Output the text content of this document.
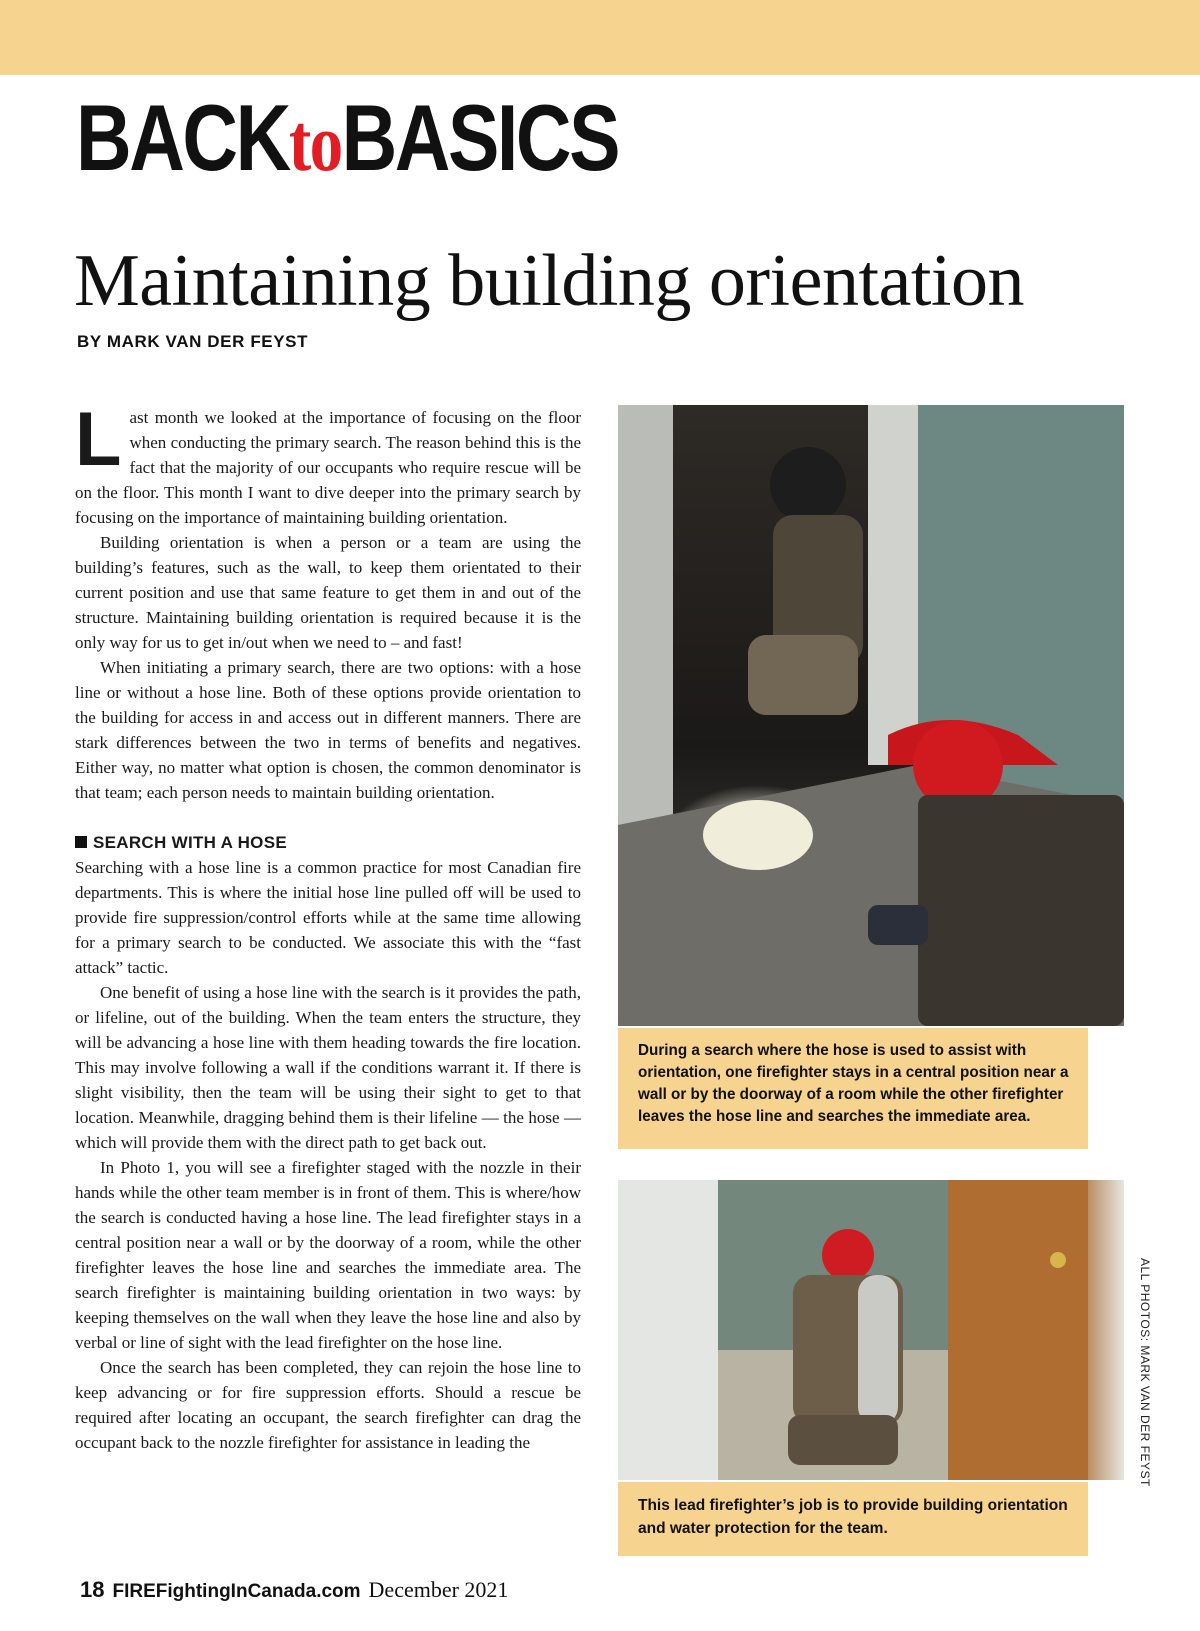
BACKtoBASICS
Maintaining building orientation
BY MARK VAN DER FEYST

Last month we looked at the importance of focusing on the floor when conducting the primary search. The reason behind this is the fact that the majority of our occupants who require rescue will be on the floor. This month I want to dive deeper into the primary search by focusing on the importance of maintaining building orientation.

Building orientation is when a person or a team are using the building’s features, such as the wall, to keep them orientated to their current position and use that same feature to get them in and out of the structure. Maintaining building orientation is required because it is the only way for us to get in/out when we need to – and fast!

When initiating a primary search, there are two options: with a hose line or without a hose line. Both of these options provide orientation to the building for access in and access out in different manners. There are stark differences between the two in terms of benefits and negatives. Either way, no matter what option is chosen, the common denominator is that team; each person needs to maintain building orientation.

SEARCH WITH A HOSE

Searching with a hose line is a common practice for most Canadian fire departments. This is where the initial hose line pulled off will be used to provide fire suppression/control efforts while at the same time allowing for a primary search to be conducted. We associate this with the “fast attack” tactic.

One benefit of using a hose line with the search is it provides the path, or lifeline, out of the building. When the team enters the structure, they will be advancing a hose line with them heading towards the fire location. This may involve following a wall if the conditions warrant it. If there is slight visibility, then the team will be using their sight to get to that location. Meanwhile, dragging behind them is their lifeline — the hose — which will provide them with the direct path to get back out.

In Photo 1, you will see a firefighter staged with the nozzle in their hands while the other team member is in front of them. This is where/how the search is conducted having a hose line. The lead firefighter stays in a central position near a wall or by the doorway of a room, while the other firefighter leaves the hose line and searches the immediate area. The search firefighter is maintaining building orientation in two ways: by keeping themselves on the wall when they leave the hose line and also by verbal or line of sight with the lead firefighter on the hose line.

Once the search has been completed, they can rejoin the hose line to keep advancing or for fire suppression efforts. Should a rescue be required after locating an occupant, the search firefighter can drag the occupant back to the nozzle firefighter for assistance in leading the

During a search where the hose is used to assist with orientation, one firefighter stays in a central position near a wall or by the doorway of a room while the other firefighter leaves the hose line and searches the immediate area.
This lead firefighter’s job is to provide building orientation and water protection for the team.
ALL PHOTOS: MARK VAN DER FEYST
18 FIREFightingInCanada.com December 2021
